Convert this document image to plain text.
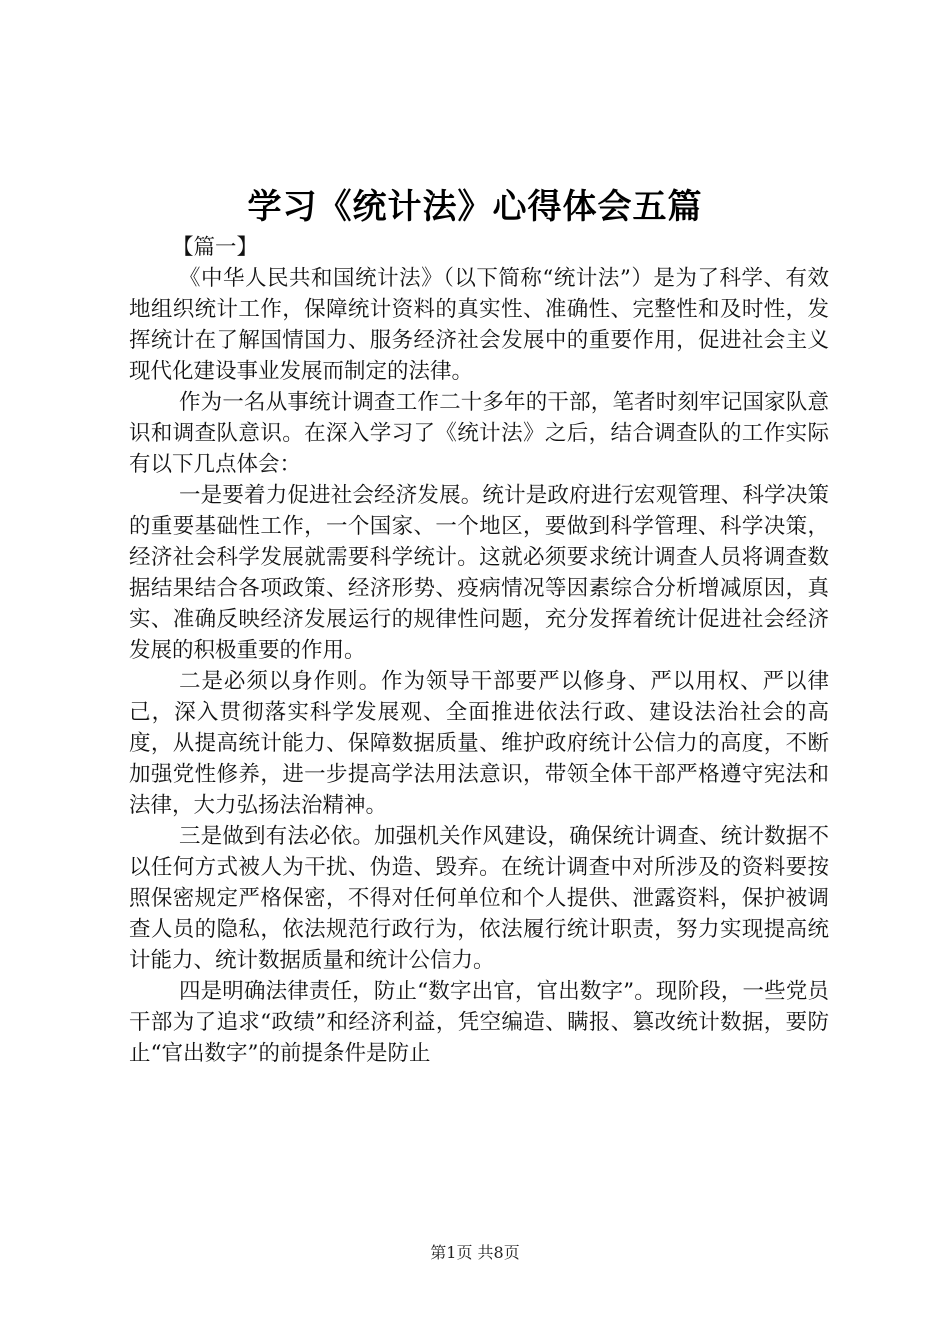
学习《统计法》心得体会五篇

【篇一】

《中华人民共和国统计法》（以下简称“统计法”）是为了科学、有效地组织统计工作，保障统计资料的真实性、准确性、完整性和及时性，发挥统计在了解国情国力、服务经济社会发展中的重要作用，促进社会主义现代化建设事业发展而制定的法律。

作为一名从事统计调查工作二十多年的干部，笔者时刻牢记国家队意识和调查队意识。在深入学习了《统计法》之后，结合调查队的工作实际有以下几点体会：

一是要着力促进社会经济发展。统计是政府进行宏观管理、科学决策的重要基础性工作，一个国家、一个地区，要做到科学管理、科学决策，经济社会科学发展就需要科学统计。这就必须要求统计调查人员将调查数据结果结合各项政策、经济形势、疫病情况等因素综合分析增减原因，真实、准确反映经济发展运行的规律性问题，充分发挥着统计促进社会经济发展的积极重要的作用。

二是必须以身作则。作为领导干部要严以修身、严以用权、严以律己，深入贯彻落实科学发展观、全面推进依法行政、建设法治社会的高度，从提高统计能力、保障数据质量、维护政府统计公信力的高度，不断加强党性修养，进一步提高学法用法意识，带领全体干部严格遵守宪法和法律，大力弘扬法治精神。

三是做到有法必依。加强机关作风建设，确保统计调查、统计数据不以任何方式被人为干扰、伪造、毁弃。在统计调查中对所涉及的资料要按照保密规定严格保密，不得对任何单位和个人提供、泄露资料，保护被调查人员的隐私，依法规范行政行为，依法履行统计职责，努力实现提高统计能力、统计数据质量和统计公信力。

四是明确法律责任，防止“数字出官，官出数字”。现阶段，一些党员干部为了追求“政绩”和经济利益，凭空编造、瞒报、篡改统计数据，要防止“官出数字”的前提条件是防止

第1页 共8页
